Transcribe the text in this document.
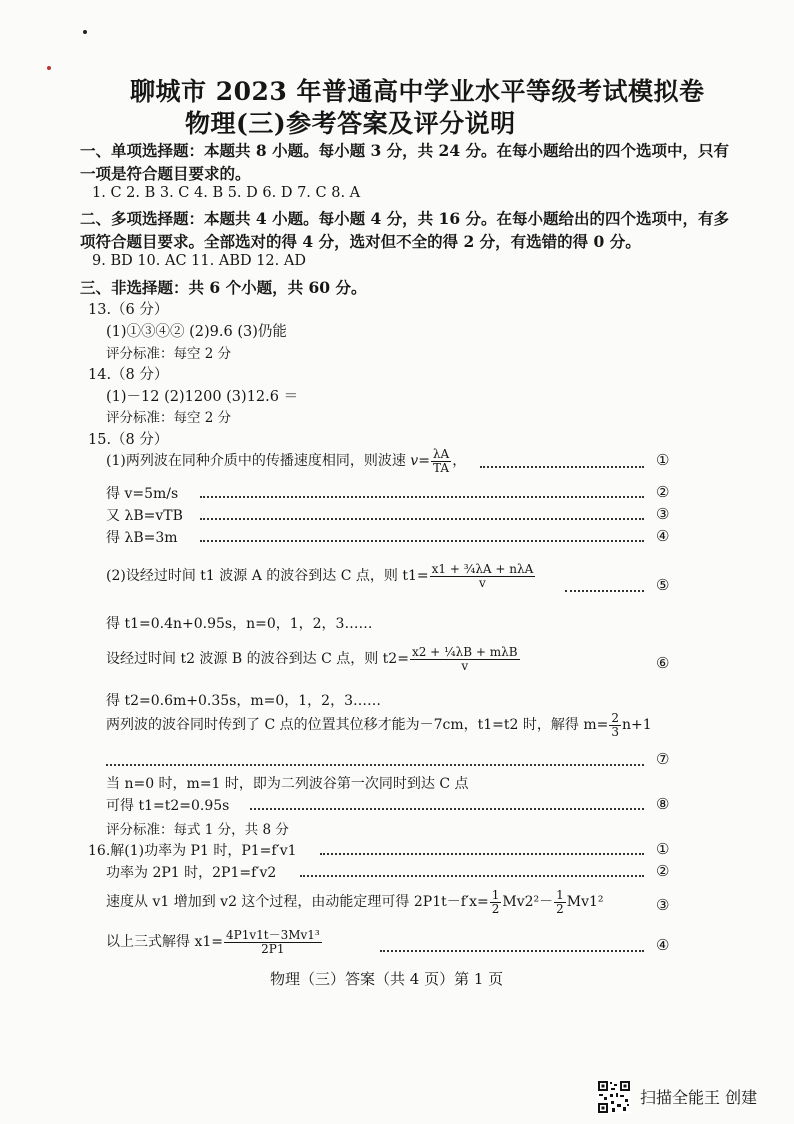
聊城市 2023 年普通高中学业水平等级考试模拟卷
物理(三)参考答案及评分说明
一、单项选择题：本题共 8 小题。每小题 3 分，共 24 分。在每小题给出的四个选项中，只有
一项是符合题目要求的。
1. C 2. B 3. C 4. B 5. D 6. D 7. C 8. A
二、多项选择题：本题共 4 小题。每小题 4 分，共 16 分。在每小题给出的四个选项中，有多
项符合题目要求。全部选对的得 4 分，选对但不全的得 2 分，有选错的得 0 分。
9. BD 10. AC 11. ABD 12. AD
三、非选择题：共 6 个小题，共 60 分。
13.（6 分）
(1)①③④② (2)9.6 (3)仍能
评分标准：每空 2 分
14.（8 分）
(1)－12 (2)1200 (3)12.6 ＝
评分标准：每空 2 分
15.（8 分）
(1)两列波在同种介质中的传播速度相同，则波速 $v= \frac{\lambda A}{TA}$ ，	①
得 v=5m/s	②
又 λB=vTB	③
得 λB=3m	④
(2)设经过时间 t1 波源 A 的波谷到达 C 点，则 $t1= \frac{\text{x1 + ¾λA + nλA}}{v}$	⑤
得 t1=0.4n+0.95s，n=0，1，2，3……
设经过时间 t2 波源 B 的波谷到达 C 点，则 $t2= \frac{\text{x2 + ¼λB + mλB}}{v}$	⑥
得 t2=0.6m+0.35s，m=0，1，2，3……
两列波的波谷同时传到了 C 点的位置其位移才能为－7cm，t1=t2 时，解得 $m= \frac{2}{3} n+1$
⑦
当 n=0 时，m=1 时，即为二列波谷第一次同时到达 C 点
可得 t1=t2=0.95s	⑧
评分标准：每式 1 分，共 8 分
16.解(1)功率为 P1 时，P1=f′v1	①
功率为 2P1 时，2P1=f′v2	②
速度从 v1 增加到 v2 这个过程，由动能定理可得 $2P1t-f'x= \frac{1}{2} Mv2^2- \frac{1}{2} Mv1^2$	③
以上三式解得 $x1= \frac{\text{4P1v1t－3Mv1³}}{2P1}$	④
物理（三）答案（共 4 页）第 1 页
扫描全能王 创建
